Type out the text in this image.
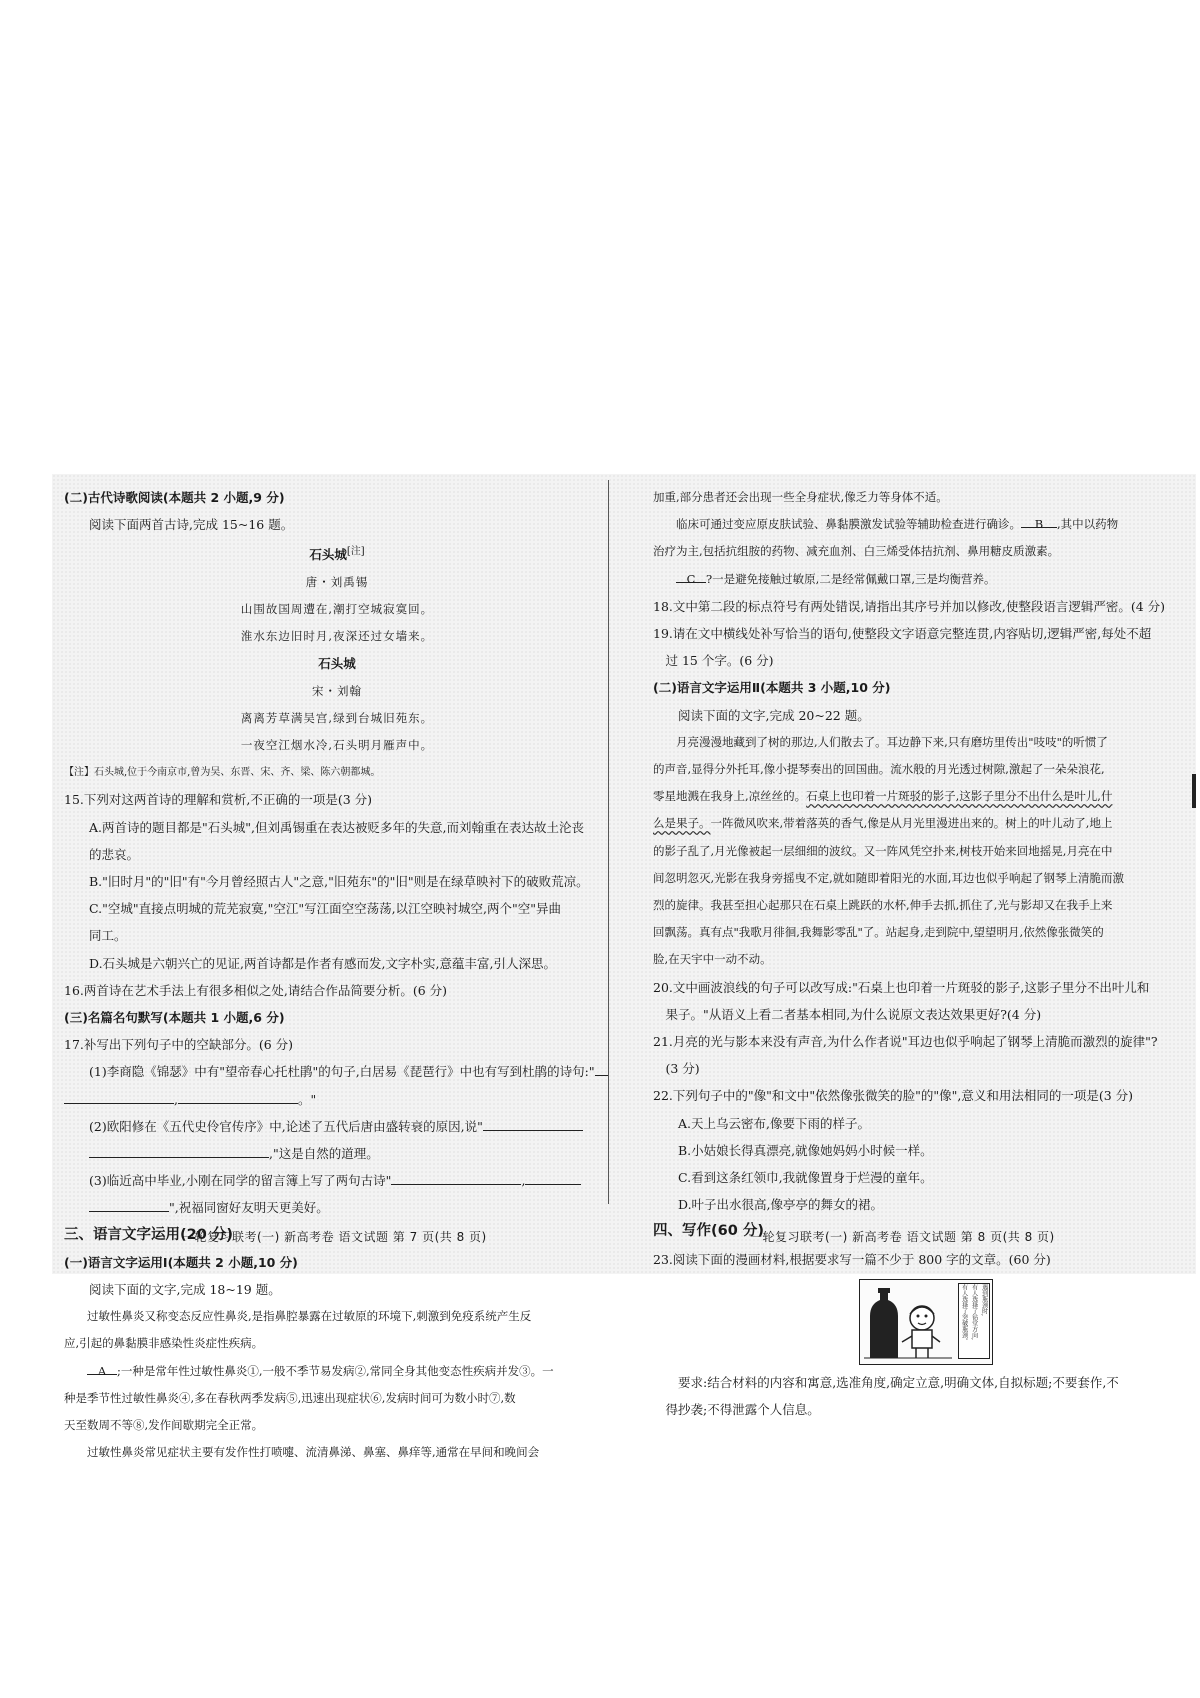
(二)古代诗歌阅读(本题共 2 小题,9 分)
阅读下面两首古诗,完成 15~16 题。
石头城[注]
唐・刘禹锡
山围故国周遭在,潮打空城寂寞回。
淮水东边旧时月,夜深还过女墙来。
石头城
宋・刘翰
离离芳草满吴宫,绿到台城旧苑东。
一夜空江烟水冷,石头明月雁声中。
【注】石头城,位于今南京市,曾为吴、东晋、宋、齐、梁、陈六朝都城。
15.下列对这两首诗的理解和赏析,不正确的一项是(3 分)
A.两首诗的题目都是"石头城",但刘禹锡重在表达被贬多年的失意,而刘翰重在表达故土沦丧
的悲哀。
B."旧时月"的"旧"有"今月曾经照古人"之意,"旧苑东"的"旧"则是在绿草映衬下的破败荒凉。
C."空城"直接点明城的荒芜寂寞,"空江"写江面空空荡荡,以江空映衬城空,两个"空"异曲
同工。
D.石头城是六朝兴亡的见证,两首诗都是作者有感而发,文字朴实,意蕴丰富,引人深思。
16.两首诗在艺术手法上有很多相似之处,请结合作品简要分析。(6 分)
(三)名篇名句默写(本题共 1 小题,6 分)
17.补写出下列句子中的空缺部分。(6 分)
(1)李商隐《锦瑟》中有"望帝春心托杜鹃"的句子,白居易《琵琶行》中也有写到杜鹃的诗句:"
,	。"
(2)欧阳修在《五代史伶官传序》中,论述了五代后唐由盛转衰的原因,说"
,"这是自然的道理。
(3)临近高中毕业,小刚在同学的留言簿上写了两句古诗"	,
",祝福同窗好友明天更美好。
三、语言文字运用(20 分)
(一)语言文字运用Ⅰ(本题共 2 小题,10 分)
阅读下面的文字,完成 18~19 题。
过敏性鼻炎又称变态反应性鼻炎,是指鼻腔暴露在过敏原的环境下,刺激到免疫系统产生反
应,引起的鼻黏膜非感染性炎症性疾病。
A ;一种是常年性过敏性鼻炎①,一般不季节易发病②,常同全身其他变态性疾病并发③。一
种是季节性过敏性鼻炎④,多在春秋两季发病⑤,迅速出现症状⑥,发病时间可为数小时⑦,数
天至数周不等⑧,发作间歇期完全正常。
过敏性鼻炎常见症状主要有发作性打喷嚏、流清鼻涕、鼻塞、鼻痒等,通常在早间和晚间会
加重,部分患者还会出现一些全身症状,像乏力等身体不适。
临床可通过变应原皮肤试验、鼻黏膜激发试验等辅助检查进行确诊。 B ,其中以药物
治疗为主,包括抗组胺的药物、减充血剂、白三烯受体拮抗剂、鼻用糖皮质激素。
C ?一是避免接触过敏原,二是经常佩戴口罩,三是均衡营养。
18.文中第二段的标点符号有两处错误,请指出其序号并加以修改,使整段语言逻辑严密。(4 分)
19.请在文中横线处补写恰当的语句,使整段文字语意完整连贯,内容贴切,逻辑严密,每处不超
过 15 个字。(6 分)
(二)语言文字运用Ⅱ(本题共 3 小题,10 分)
阅读下面的文字,完成 20~22 题。
月亮漫漫地藏到了树的那边,人们散去了。耳边静下来,只有磨坊里传出"吱吱"的听惯了
的声音,显得分外托耳,像小提琴奏出的回国曲。流水般的月光透过树隙,激起了一朵朵浪花,
零星地溅在我身上,凉丝丝的。石桌上也印着一片斑驳的影子,这影子里分不出什么是叶儿,什
么是果子。一阵微风吹来,带着落英的香气,像是从月光里漫进出来的。树上的叶儿动了,地上
的影子乱了,月光像被起一层细细的波纹。又一阵风凭空扑来,树枝开始来回地摇晃,月亮在中
间忽明忽灭,光影在我身旁摇曳不定,就如随即着阳光的水面,耳边也似乎响起了钢琴上清脆而激
烈的旋律。我甚至担心起那只在石桌上跳跃的水杯,伸手去抓,抓住了,光与影却又在我手上来
回飘荡。真有点"我歌月徘徊,我舞影零乱"了。站起身,走到院中,望望明月,依然像张微笑的
脸,在天宇中一动不动。
20.文中画波浪线的句子可以改写成:"石桌上也印着一片斑驳的影子,这影子里分不出叶儿和
果子。"从语义上看二者基本相同,为什么说原文表达效果更好?(4 分)
21.月亮的光与影本来没有声音,为什么作者说"耳边也似乎响起了钢琴上清脆而激烈的旋律"?
(3 分)
22.下列句子中的"像"和文中"依然像张微笑的脸"的"像",意义和用法相同的一项是(3 分)
A.天上乌云密布,像要下雨的样子。
B.小姑娘长得真漂亮,就像她妈妈小时候一样。
C.看到这条红领巾,我就像置身于烂漫的童年。
D.叶子出水很高,像亭亭的舞女的裙。
四、写作(60 分)
23.阅读下面的漫画材料,根据要求写一篇不少于 800 字的文章。(60 分)
遇到瓶颈时,
有人选择了钻堂方向,
有人选择了突破瓶颈。
要求:结合材料的内容和寓意,选准角度,确定立意,明确文体,自拟标题;不要套作,不
得抄袭;不得泄露个人信息。
一轮复习联考(一) 新高考卷 语文试题 第 7 页(共 8 页)	一轮复习联考(一) 新高考卷 语文试题 第 8 页(共 8 页)
